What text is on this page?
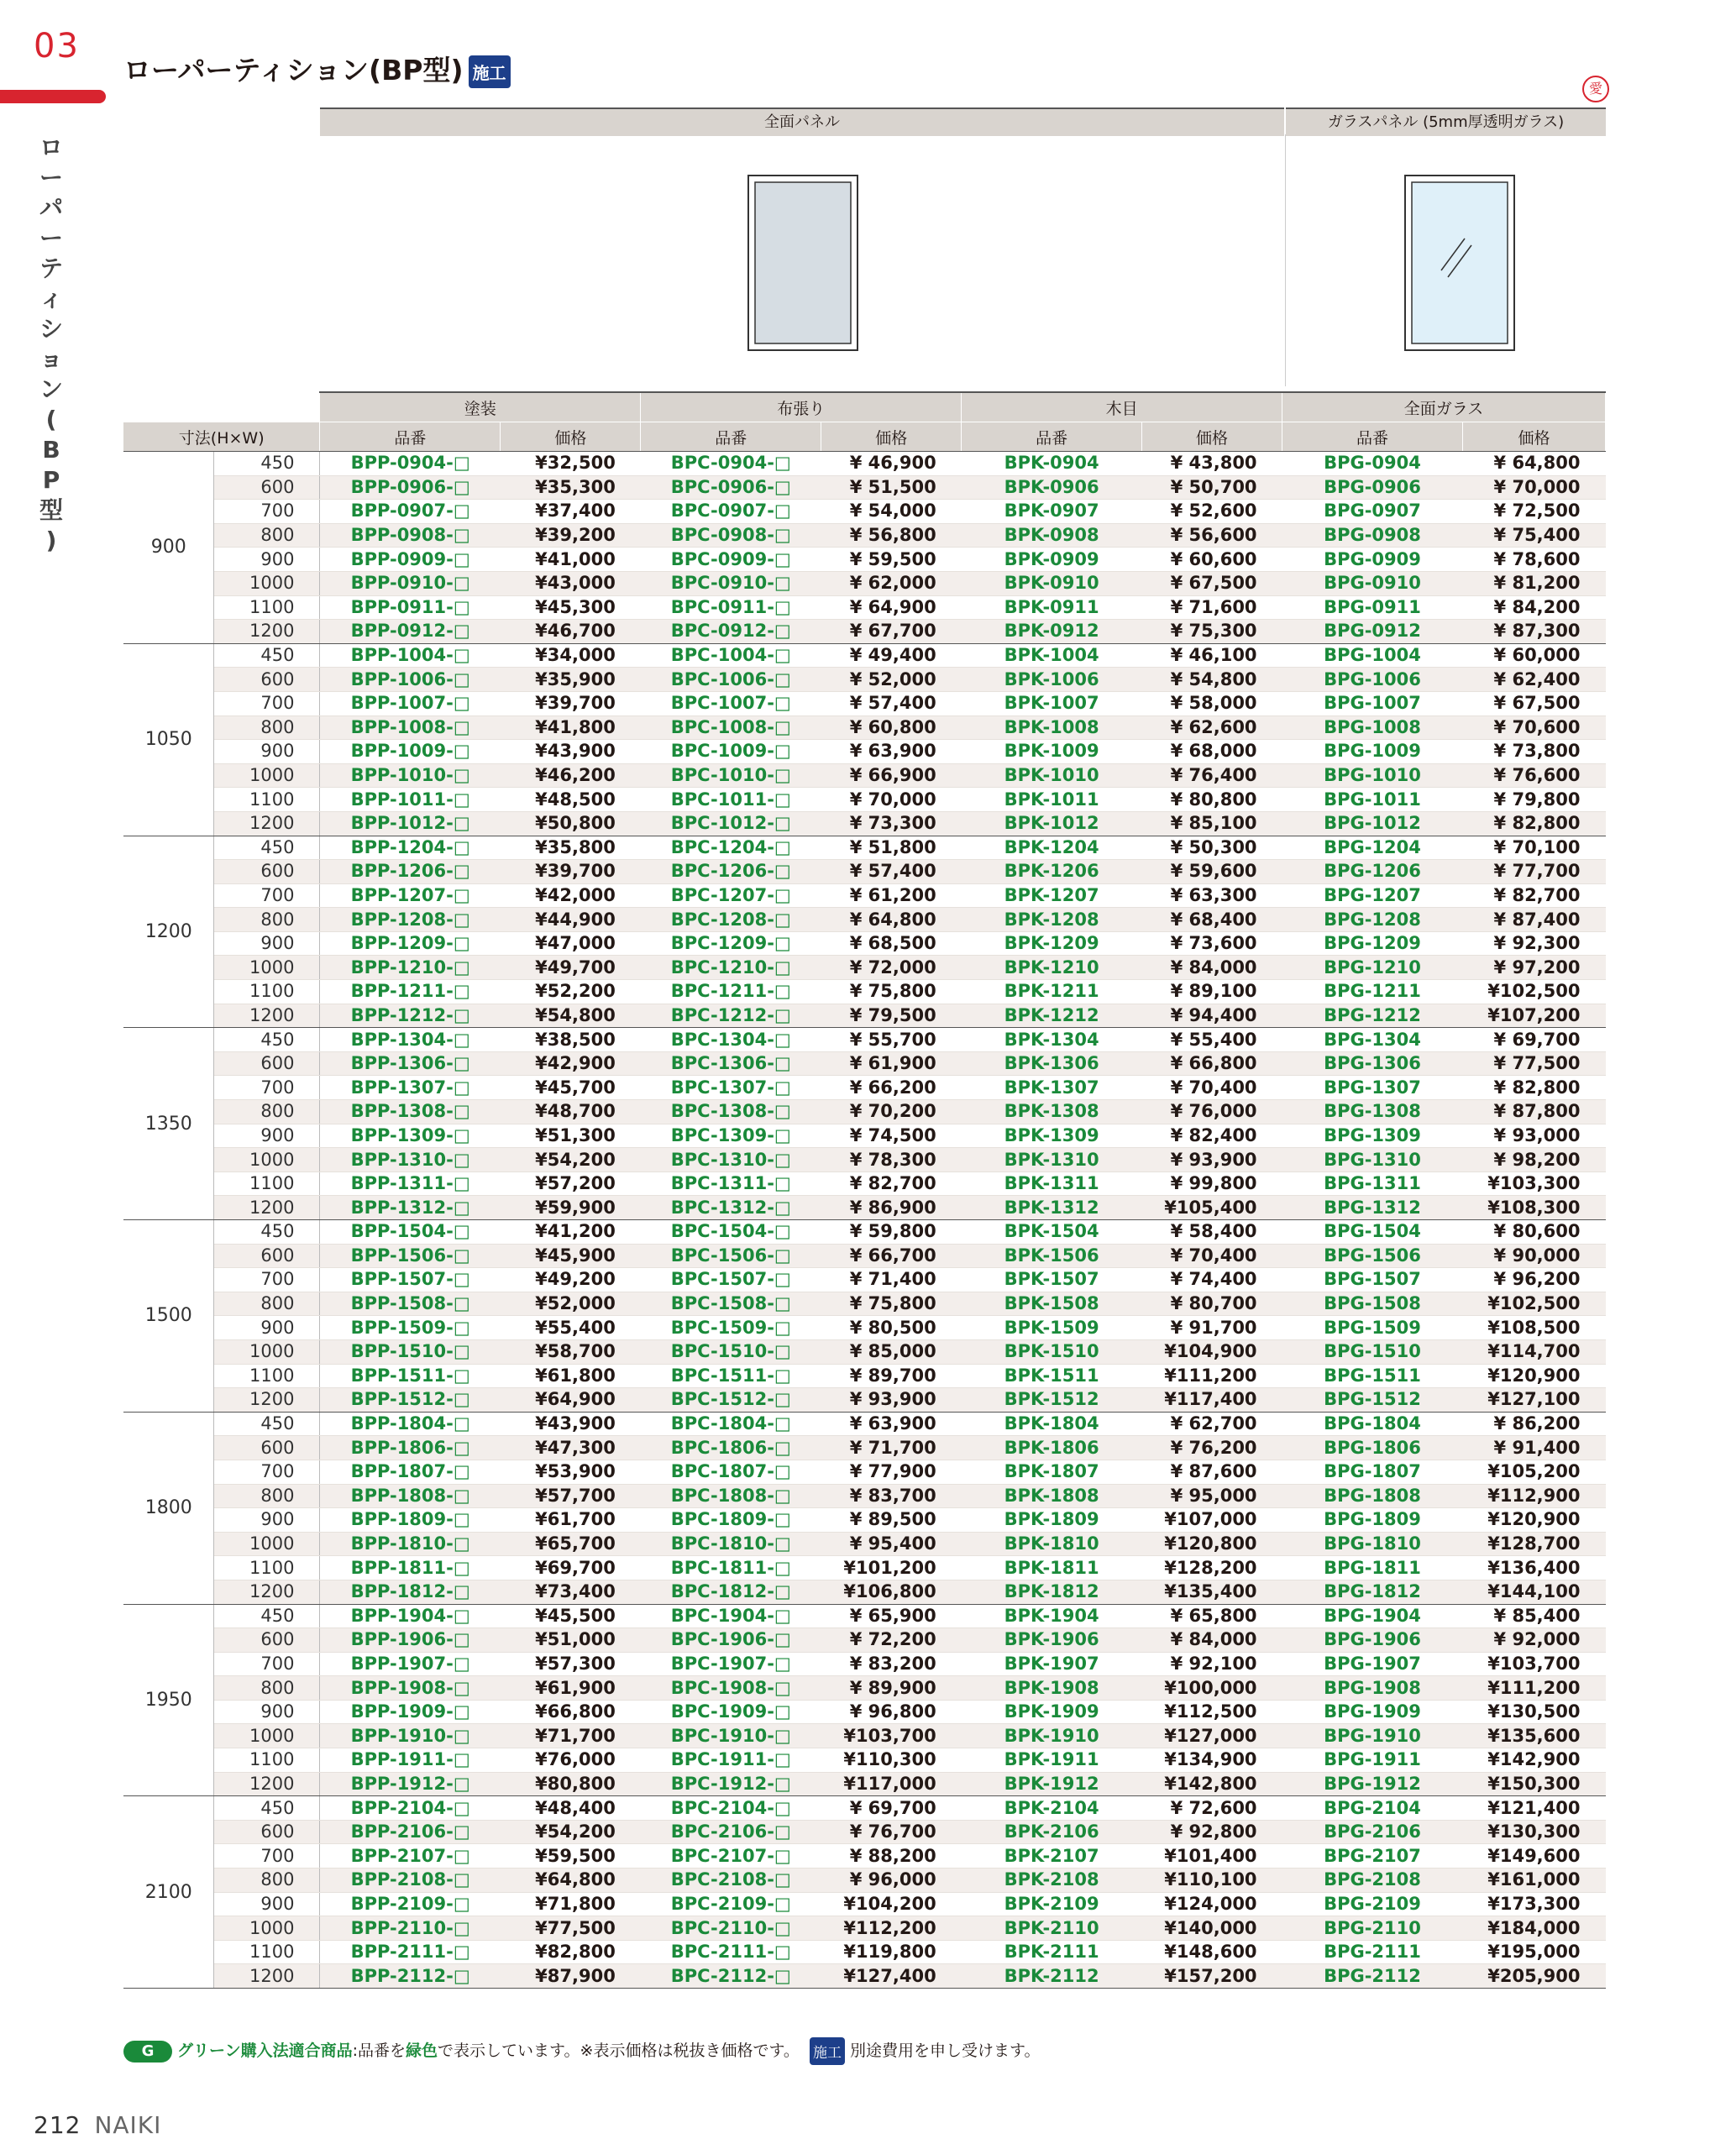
03
ロ
ー
パ
ー
テ
ィ
シ
ョ
ン
(
B
P
型
)
ローパーティション(BP型) 施工
愛
全面パネル	ガラスパネル (5mm厚透明ガラス)
		塗装		布張り		木目		全面ガラス	
寸法(H×W)		品番	価格	品番	価格	品番	価格	品番	価格
900	450	BPP-0904-□	¥32,500	BPC-0904-□	¥ 46,900	BPK-0904	¥ 43,800	BPG-0904	¥ 64,800
	600	BPP-0906-□	¥35,300	BPC-0906-□	¥ 51,500	BPK-0906	¥ 50,700	BPG-0906	¥ 70,000
	700	BPP-0907-□	¥37,400	BPC-0907-□	¥ 54,000	BPK-0907	¥ 52,600	BPG-0907	¥ 72,500
	800	BPP-0908-□	¥39,200	BPC-0908-□	¥ 56,800	BPK-0908	¥ 56,600	BPG-0908	¥ 75,400
	900	BPP-0909-□	¥41,000	BPC-0909-□	¥ 59,500	BPK-0909	¥ 60,600	BPG-0909	¥ 78,600
	1000	BPP-0910-□	¥43,000	BPC-0910-□	¥ 62,000	BPK-0910	¥ 67,500	BPG-0910	¥ 81,200
	1100	BPP-0911-□	¥45,300	BPC-0911-□	¥ 64,900	BPK-0911	¥ 71,600	BPG-0911	¥ 84,200
	1200	BPP-0912-□	¥46,700	BPC-0912-□	¥ 67,700	BPK-0912	¥ 75,300	BPG-0912	¥ 87,300
1050	450	BPP-1004-□	¥34,000	BPC-1004-□	¥ 49,400	BPK-1004	¥ 46,100	BPG-1004	¥ 60,000
	600	BPP-1006-□	¥35,900	BPC-1006-□	¥ 52,000	BPK-1006	¥ 54,800	BPG-1006	¥ 62,400
	700	BPP-1007-□	¥39,700	BPC-1007-□	¥ 57,400	BPK-1007	¥ 58,000	BPG-1007	¥ 67,500
	800	BPP-1008-□	¥41,800	BPC-1008-□	¥ 60,800	BPK-1008	¥ 62,600	BPG-1008	¥ 70,600
	900	BPP-1009-□	¥43,900	BPC-1009-□	¥ 63,900	BPK-1009	¥ 68,000	BPG-1009	¥ 73,800
	1000	BPP-1010-□	¥46,200	BPC-1010-□	¥ 66,900	BPK-1010	¥ 76,400	BPG-1010	¥ 76,600
	1100	BPP-1011-□	¥48,500	BPC-1011-□	¥ 70,000	BPK-1011	¥ 80,800	BPG-1011	¥ 79,800
	1200	BPP-1012-□	¥50,800	BPC-1012-□	¥ 73,300	BPK-1012	¥ 85,100	BPG-1012	¥ 82,800
1200	450	BPP-1204-□	¥35,800	BPC-1204-□	¥ 51,800	BPK-1204	¥ 50,300	BPG-1204	¥ 70,100
	600	BPP-1206-□	¥39,700	BPC-1206-□	¥ 57,400	BPK-1206	¥ 59,600	BPG-1206	¥ 77,700
	700	BPP-1207-□	¥42,000	BPC-1207-□	¥ 61,200	BPK-1207	¥ 63,300	BPG-1207	¥ 82,700
	800	BPP-1208-□	¥44,900	BPC-1208-□	¥ 64,800	BPK-1208	¥ 68,400	BPG-1208	¥ 87,400
	900	BPP-1209-□	¥47,000	BPC-1209-□	¥ 68,500	BPK-1209	¥ 73,600	BPG-1209	¥ 92,300
	1000	BPP-1210-□	¥49,700	BPC-1210-□	¥ 72,000	BPK-1210	¥ 84,000	BPG-1210	¥ 97,200
	1100	BPP-1211-□	¥52,200	BPC-1211-□	¥ 75,800	BPK-1211	¥ 89,100	BPG-1211	¥102,500
	1200	BPP-1212-□	¥54,800	BPC-1212-□	¥ 79,500	BPK-1212	¥ 94,400	BPG-1212	¥107,200
1350	450	BPP-1304-□	¥38,500	BPC-1304-□	¥ 55,700	BPK-1304	¥ 55,400	BPG-1304	¥ 69,700
	600	BPP-1306-□	¥42,900	BPC-1306-□	¥ 61,900	BPK-1306	¥ 66,800	BPG-1306	¥ 77,500
	700	BPP-1307-□	¥45,700	BPC-1307-□	¥ 66,200	BPK-1307	¥ 70,400	BPG-1307	¥ 82,800
	800	BPP-1308-□	¥48,700	BPC-1308-□	¥ 70,200	BPK-1308	¥ 76,000	BPG-1308	¥ 87,800
	900	BPP-1309-□	¥51,300	BPC-1309-□	¥ 74,500	BPK-1309	¥ 82,400	BPG-1309	¥ 93,000
	1000	BPP-1310-□	¥54,200	BPC-1310-□	¥ 78,300	BPK-1310	¥ 93,900	BPG-1310	¥ 98,200
	1100	BPP-1311-□	¥57,200	BPC-1311-□	¥ 82,700	BPK-1311	¥ 99,800	BPG-1311	¥103,300
	1200	BPP-1312-□	¥59,900	BPC-1312-□	¥ 86,900	BPK-1312	¥105,400	BPG-1312	¥108,300
1500	450	BPP-1504-□	¥41,200	BPC-1504-□	¥ 59,800	BPK-1504	¥ 58,400	BPG-1504	¥ 80,600
	600	BPP-1506-□	¥45,900	BPC-1506-□	¥ 66,700	BPK-1506	¥ 70,400	BPG-1506	¥ 90,000
	700	BPP-1507-□	¥49,200	BPC-1507-□	¥ 71,400	BPK-1507	¥ 74,400	BPG-1507	¥ 96,200
	800	BPP-1508-□	¥52,000	BPC-1508-□	¥ 75,800	BPK-1508	¥ 80,700	BPG-1508	¥102,500
	900	BPP-1509-□	¥55,400	BPC-1509-□	¥ 80,500	BPK-1509	¥ 91,700	BPG-1509	¥108,500
	1000	BPP-1510-□	¥58,700	BPC-1510-□	¥ 85,000	BPK-1510	¥104,900	BPG-1510	¥114,700
	1100	BPP-1511-□	¥61,800	BPC-1511-□	¥ 89,700	BPK-1511	¥111,200	BPG-1511	¥120,900
	1200	BPP-1512-□	¥64,900	BPC-1512-□	¥ 93,900	BPK-1512	¥117,400	BPG-1512	¥127,100
1800	450	BPP-1804-□	¥43,900	BPC-1804-□	¥ 63,900	BPK-1804	¥ 62,700	BPG-1804	¥ 86,200
	600	BPP-1806-□	¥47,300	BPC-1806-□	¥ 71,700	BPK-1806	¥ 76,200	BPG-1806	¥ 91,400
	700	BPP-1807-□	¥53,900	BPC-1807-□	¥ 77,900	BPK-1807	¥ 87,600	BPG-1807	¥105,200
	800	BPP-1808-□	¥57,700	BPC-1808-□	¥ 83,700	BPK-1808	¥ 95,000	BPG-1808	¥112,900
	900	BPP-1809-□	¥61,700	BPC-1809-□	¥ 89,500	BPK-1809	¥107,000	BPG-1809	¥120,900
	1000	BPP-1810-□	¥65,700	BPC-1810-□	¥ 95,400	BPK-1810	¥120,800	BPG-1810	¥128,700
	1100	BPP-1811-□	¥69,700	BPC-1811-□	¥101,200	BPK-1811	¥128,200	BPG-1811	¥136,400
	1200	BPP-1812-□	¥73,400	BPC-1812-□	¥106,800	BPK-1812	¥135,400	BPG-1812	¥144,100
1950	450	BPP-1904-□	¥45,500	BPC-1904-□	¥ 65,900	BPK-1904	¥ 65,800	BPG-1904	¥ 85,400
	600	BPP-1906-□	¥51,000	BPC-1906-□	¥ 72,200	BPK-1906	¥ 84,000	BPG-1906	¥ 92,000
	700	BPP-1907-□	¥57,300	BPC-1907-□	¥ 83,200	BPK-1907	¥ 92,100	BPG-1907	¥103,700
	800	BPP-1908-□	¥61,900	BPC-1908-□	¥ 89,900	BPK-1908	¥100,000	BPG-1908	¥111,200
	900	BPP-1909-□	¥66,800	BPC-1909-□	¥ 96,800	BPK-1909	¥112,500	BPG-1909	¥130,500
	1000	BPP-1910-□	¥71,700	BPC-1910-□	¥103,700	BPK-1910	¥127,000	BPG-1910	¥135,600
	1100	BPP-1911-□	¥76,000	BPC-1911-□	¥110,300	BPK-1911	¥134,900	BPG-1911	¥142,900
	1200	BPP-1912-□	¥80,800	BPC-1912-□	¥117,000	BPK-1912	¥142,800	BPG-1912	¥150,300
2100	450	BPP-2104-□	¥48,400	BPC-2104-□	¥ 69,700	BPK-2104	¥ 72,600	BPG-2104	¥121,400
	600	BPP-2106-□	¥54,200	BPC-2106-□	¥ 76,700	BPK-2106	¥ 92,800	BPG-2106	¥130,300
	700	BPP-2107-□	¥59,500	BPC-2107-□	¥ 88,200	BPK-2107	¥101,400	BPG-2107	¥149,600
	800	BPP-2108-□	¥64,800	BPC-2108-□	¥ 96,000	BPK-2108	¥110,100	BPG-2108	¥161,000
	900	BPP-2109-□	¥71,800	BPC-2109-□	¥104,200	BPK-2109	¥124,000	BPG-2109	¥173,300
	1000	BPP-2110-□	¥77,500	BPC-2110-□	¥112,200	BPK-2110	¥140,000	BPG-2110	¥184,000
	1100	BPP-2111-□	¥82,800	BPC-2111-□	¥119,800	BPK-2111	¥148,600	BPG-2111	¥195,000
	1200	BPP-2112-□	¥87,900	BPC-2112-□	¥127,400	BPK-2112	¥157,200	BPG-2112	¥205,900
G グリーン購入法適合商品:品番を緑色で表示しています。※表示価格は税抜き価格です。 施工 別途費用を申し受けます。
212 NAIKI
